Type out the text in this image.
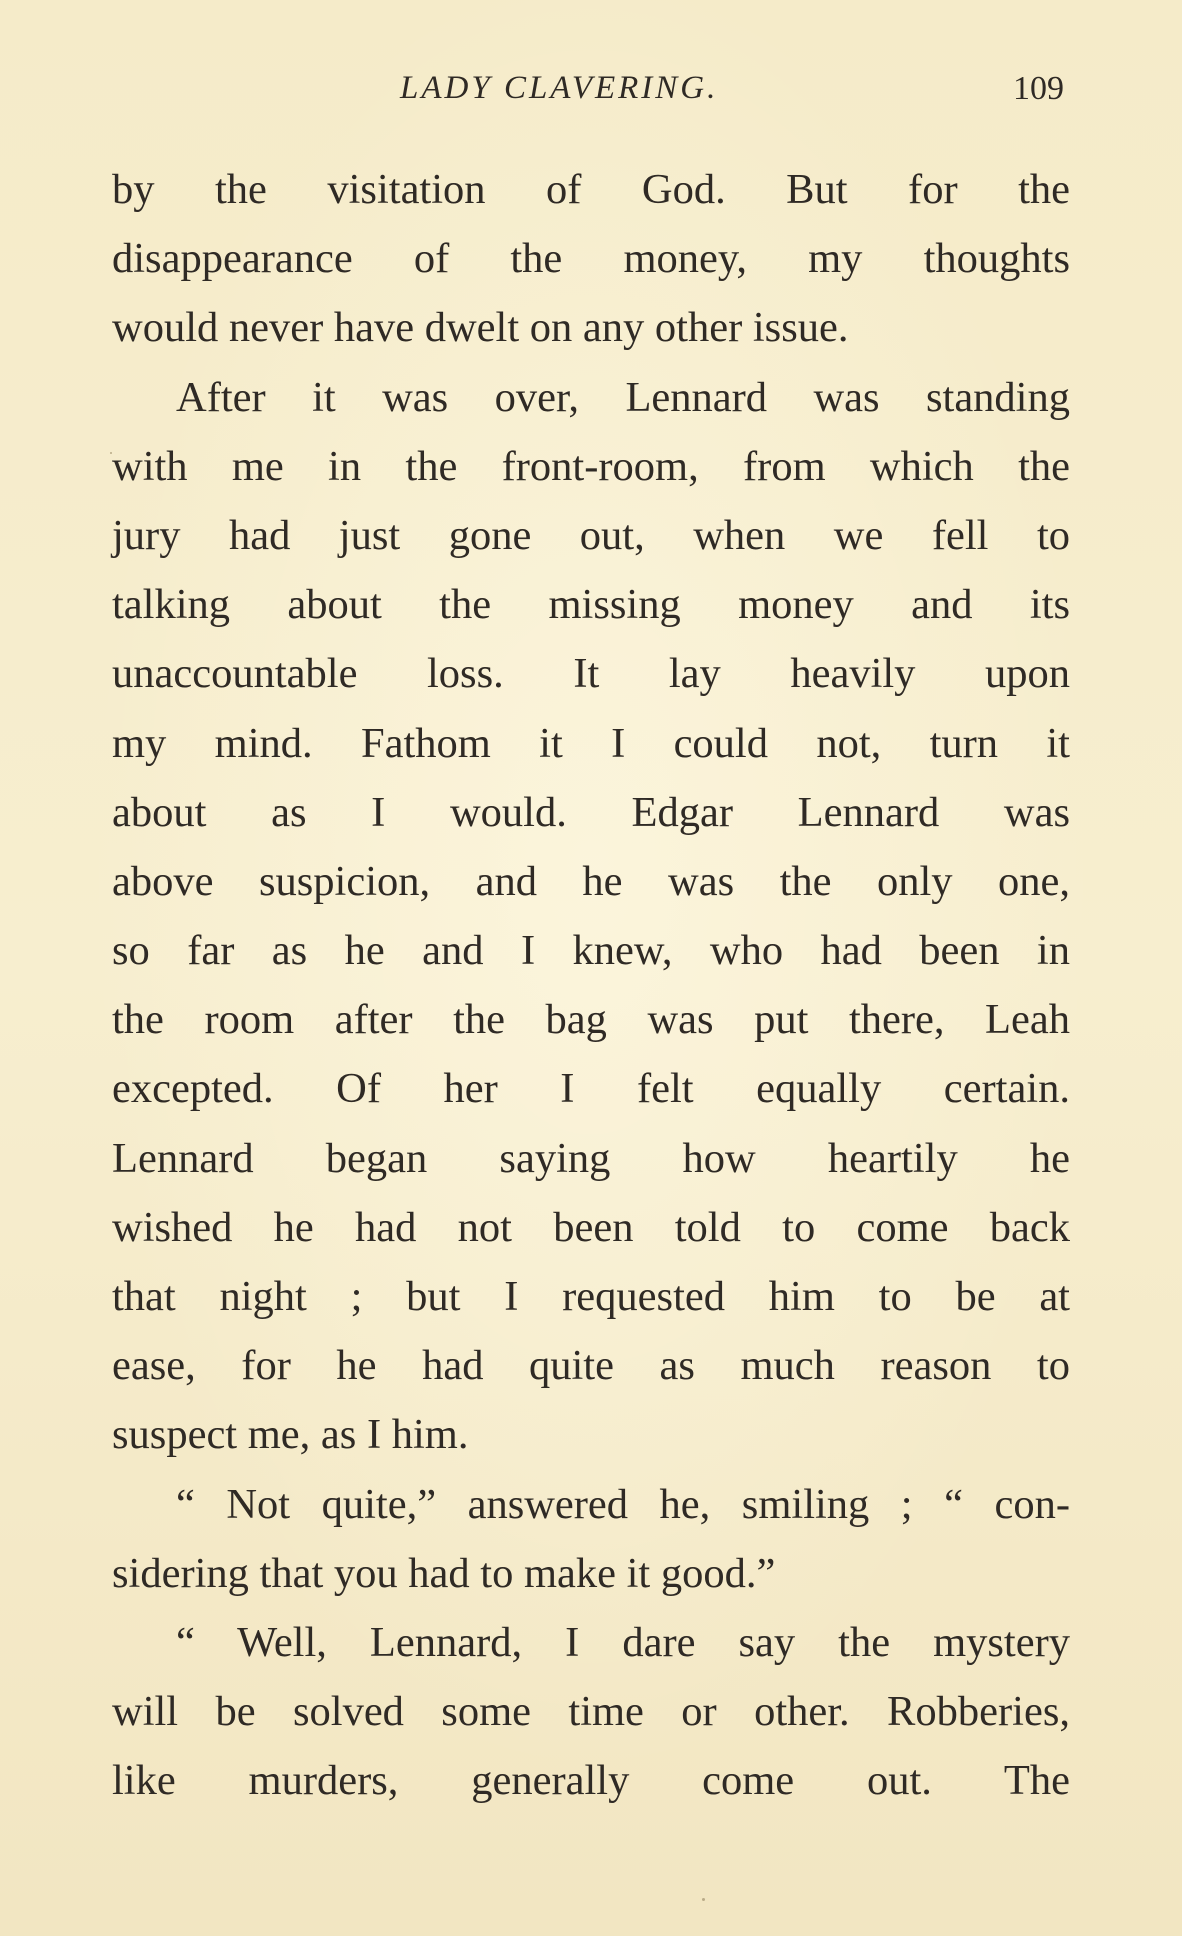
LADY CLAVERING.	109
by the visitation of God. But for the
disappearance of the money, my thoughts
would never have dwelt on any other issue.
After it was over, Lennard was standing
with me in the front-room, from which the
jury had just gone out, when we fell to
talking about the missing money and its
unaccountable loss. It lay heavily upon
my mind. Fathom it I could not, turn it
about as I would. Edgar Lennard was
above suspicion, and he was the only one,
so far as he and I knew, who had been in
the room after the bag was put there, Leah
excepted. Of her I felt equally certain.
Lennard began saying how heartily he
wished he had not been told to come back
that night ; but I requested him to be at
ease, for he had quite as much reason to
suspect me, as I him.
“ Not quite,” answered he, smiling ; “ con-
sidering that you had to make it good.”
“ Well, Lennard, I dare say the mystery
will be solved some time or other. Robberies,
like murders, generally come out. The
